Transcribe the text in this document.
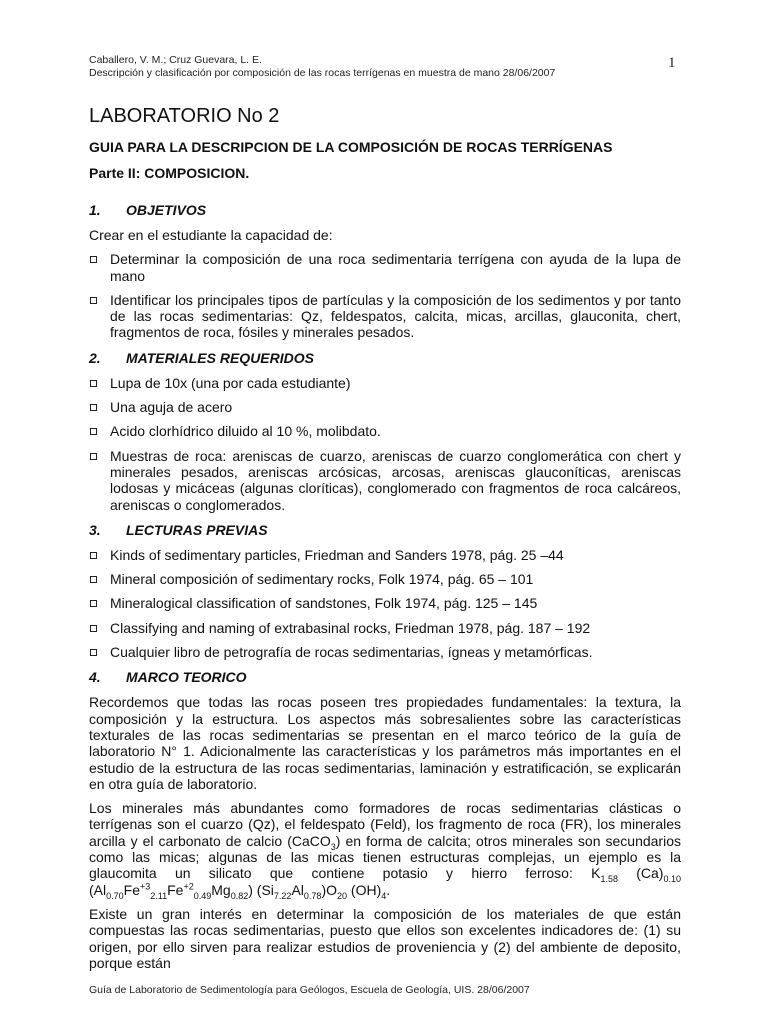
Caballero, V. M.; Cruz Guevara, L. E.
Descripción y clasificación por composición de las rocas terrígenas en muestra de mano 28/06/2007
1
LABORATORIO No 2
GUIA PARA LA DESCRIPCION DE LA COMPOSICIÓN DE ROCAS TERRÍGENAS
Parte II: COMPOSICION.
1.	OBJETIVOS
Crear en el estudiante la capacidad de:
Determinar la composición de una roca sedimentaria terrígena con ayuda de la lupa de mano
Identificar los principales tipos de partículas y la composición de los sedimentos y por tanto de las rocas sedimentarias: Qz, feldespatos, calcita, micas, arcillas, glauconita, chert, fragmentos de roca, fósiles y minerales pesados.
2.	MATERIALES REQUERIDOS
Lupa de 10x (una por cada estudiante)
Una aguja de acero
Acido clorhídrico diluido al 10 %, molibdato.
Muestras de roca: areniscas de cuarzo, areniscas de cuarzo conglomerática con chert y minerales pesados, areniscas arcósicas, arcosas, areniscas glauconíticas, areniscas lodosas y micáceas (algunas cloríticas), conglomerado con fragmentos de roca calcáreos, areniscas o conglomerados.
3.	LECTURAS PREVIAS
Kinds of sedimentary particles, Friedman and Sanders 1978, pág. 25 –44
Mineral composición of sedimentary rocks, Folk 1974, pág. 65 – 101
Mineralogical classification of sandstones, Folk 1974, pág. 125 – 145
Classifying and naming of extrabasinal rocks, Friedman 1978, pág. 187 – 192
Cualquier libro de petrografía de rocas sedimentarias, ígneas y metamórficas.
4.	MARCO TEORICO
Recordemos que todas las rocas poseen tres propiedades fundamentales: la textura, la composición y la estructura. Los aspectos más sobresalientes sobre las características texturales de las rocas sedimentarias se presentan en el marco teórico de la guía de laboratorio N° 1. Adicionalmente las características y los parámetros más importantes en el estudio de la estructura de las rocas sedimentarias, laminación y estratificación, se explicarán en otra guía de laboratorio.
Los minerales más abundantes como formadores de rocas sedimentarias clásticas o terrígenas son el cuarzo (Qz), el feldespato (Feld), los fragmento de roca (FR), los minerales arcilla y el carbonato de calcio (CaCO$_3$) en forma de calcita; otros minerales son secundarios como las micas; algunas de las micas tienen estructuras complejas, un ejemplo es la glaucomita un silicato que contiene potasio y hierro ferroso: $K_{1.58}$ $(Ca)_{0.10}$ $(Al_{0.70}Fe^{+3}_{2.11}Fe^{+2}_{0.49}Mg_{0.82})$ $(Si_{7.22}Al_{0.78})O_{20}$ $(OH)_4$.
Existe un gran interés en determinar la composición de los materiales de que están compuestas las rocas sedimentarias, puesto que ellos son excelentes indicadores de: (1) su origen, por ello sirven para realizar estudios de proveniencia y (2) del ambiente de deposito, porque están
Guía de Laboratorio de Sedimentología para Geólogos, Escuela de Geología, UIS. 28/06/2007
